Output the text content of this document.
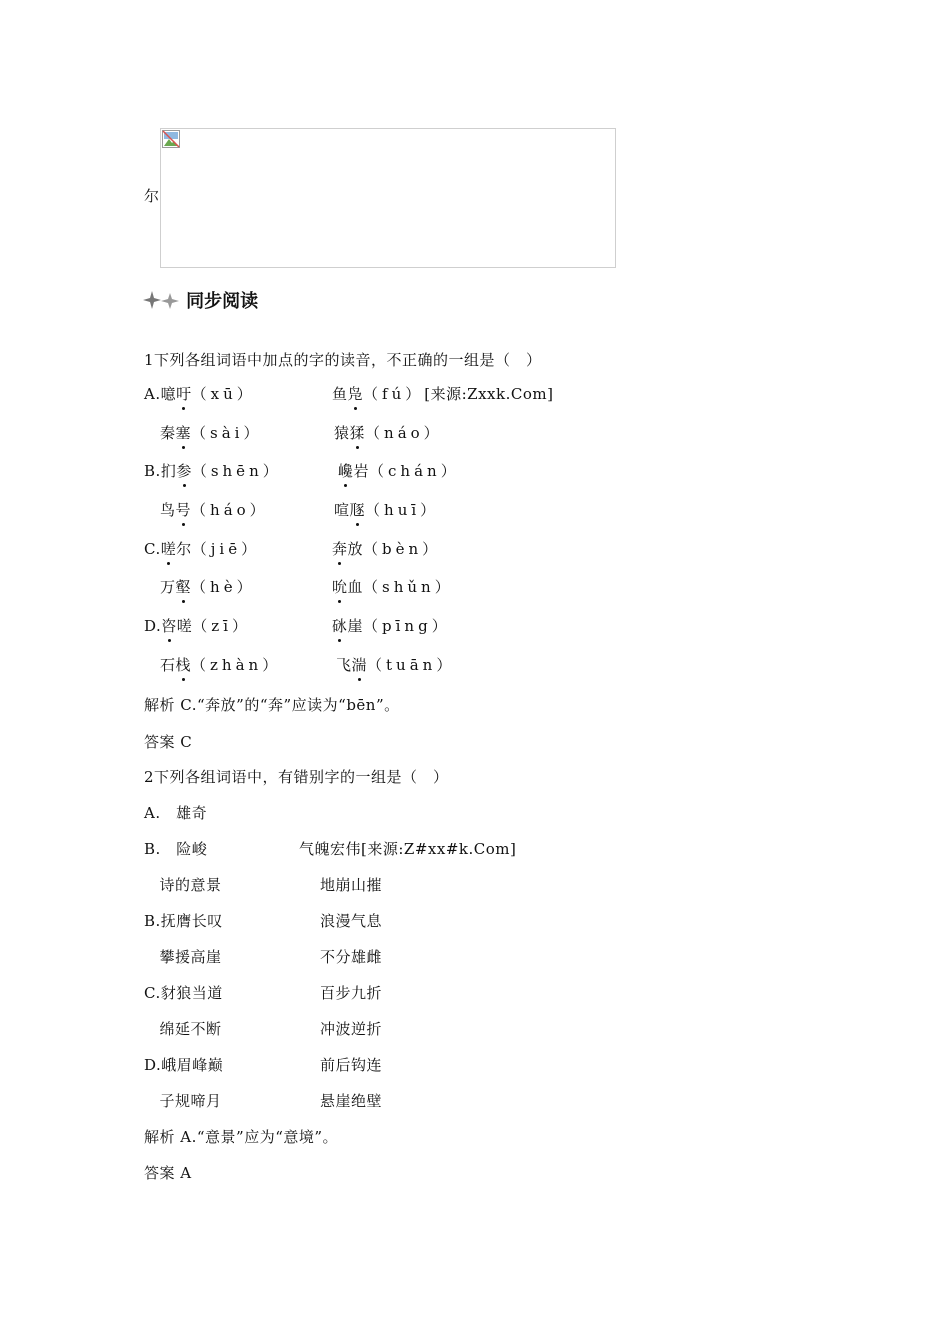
尔
同步阅读
1下列各组词语中加点的字的读音，不正确的一组是（　）
A.噫吁（xū）	鱼凫（fú）[来源:Zxxk.Com]
秦塞（sài）	猿猱（náo）
B.扪参（shēn）	巉岩（chán）
鸟号（háo）	喧豗（huī）
C.嗟尔（jiē）	奔放（bèn）
万壑（hè）	吮血（shǔn）
D.咨嗟（zī）	砯崖（pīng）
石栈（zhàn）	飞湍（tuān）
解析 C.“奔放”的“奔”应读为“bēn”。
答案 C
2下列各组词语中，有错别字的一组是（　）
A.　雄奇
B.　险峻	气魄宏伟[来源:Z#xx#k.Com]
　诗的意景	地崩山摧
B.抚膺长叹	浪漫气息
　攀援高崖	不分雄雌
C.豺狼当道	百步九折
　绵延不断	冲波逆折
D.峨眉峰巅	前后钩连
　子规啼月	悬崖绝壁
解析 A.“意景”应为“意境”。
答案 A
